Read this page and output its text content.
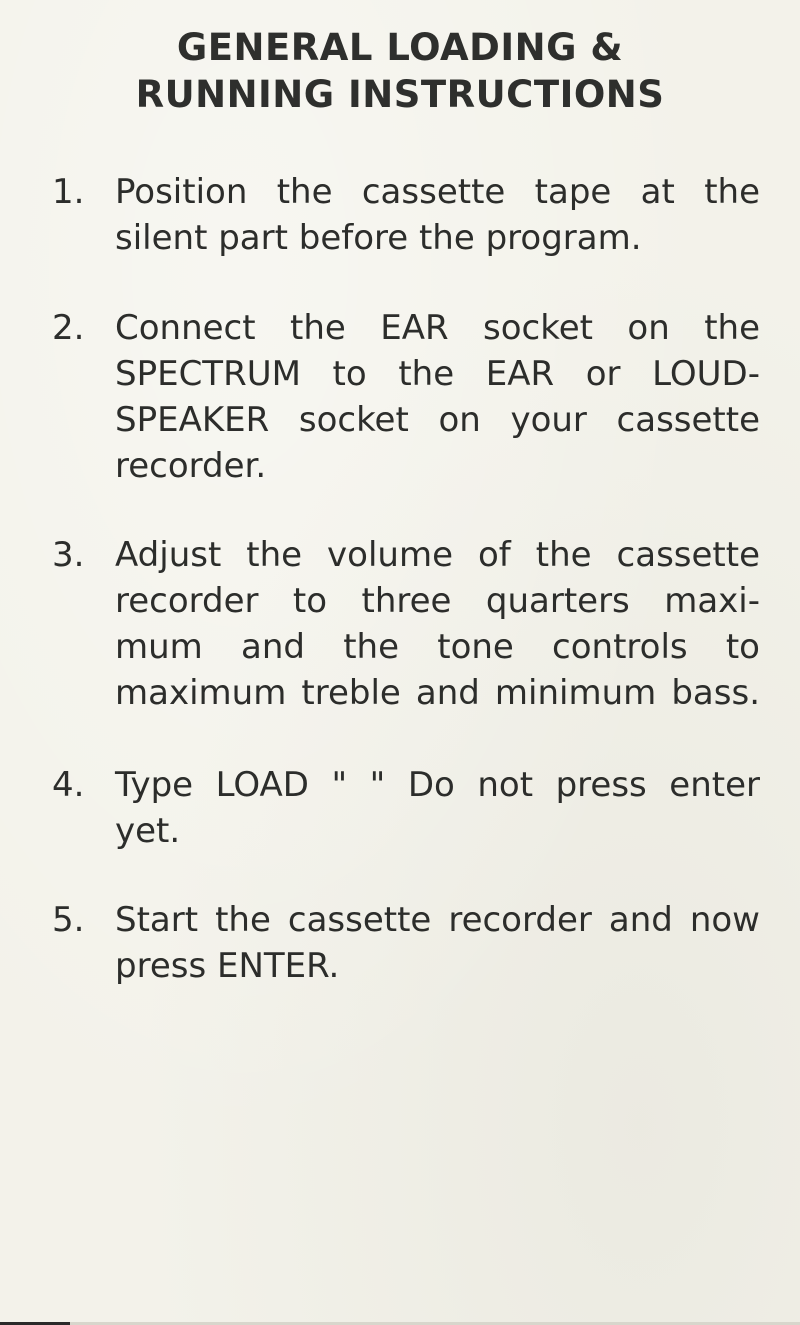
GENERAL LOADING &
RUNNING INSTRUCTIONS
1. Position the cassette tape at the
silent part before the program.
2. Connect the EAR socket on the
SPECTRUM to the EAR or LOUD-
SPEAKER socket on your cassette
recorder.
3. Adjust the volume of the cassette
recorder to three quarters maxi-
mum and the tone controls to
maximum treble and minimum bass.
4. Type LOAD " " Do not press enter
yet.
5. Start the cassette recorder and now
press ENTER.
